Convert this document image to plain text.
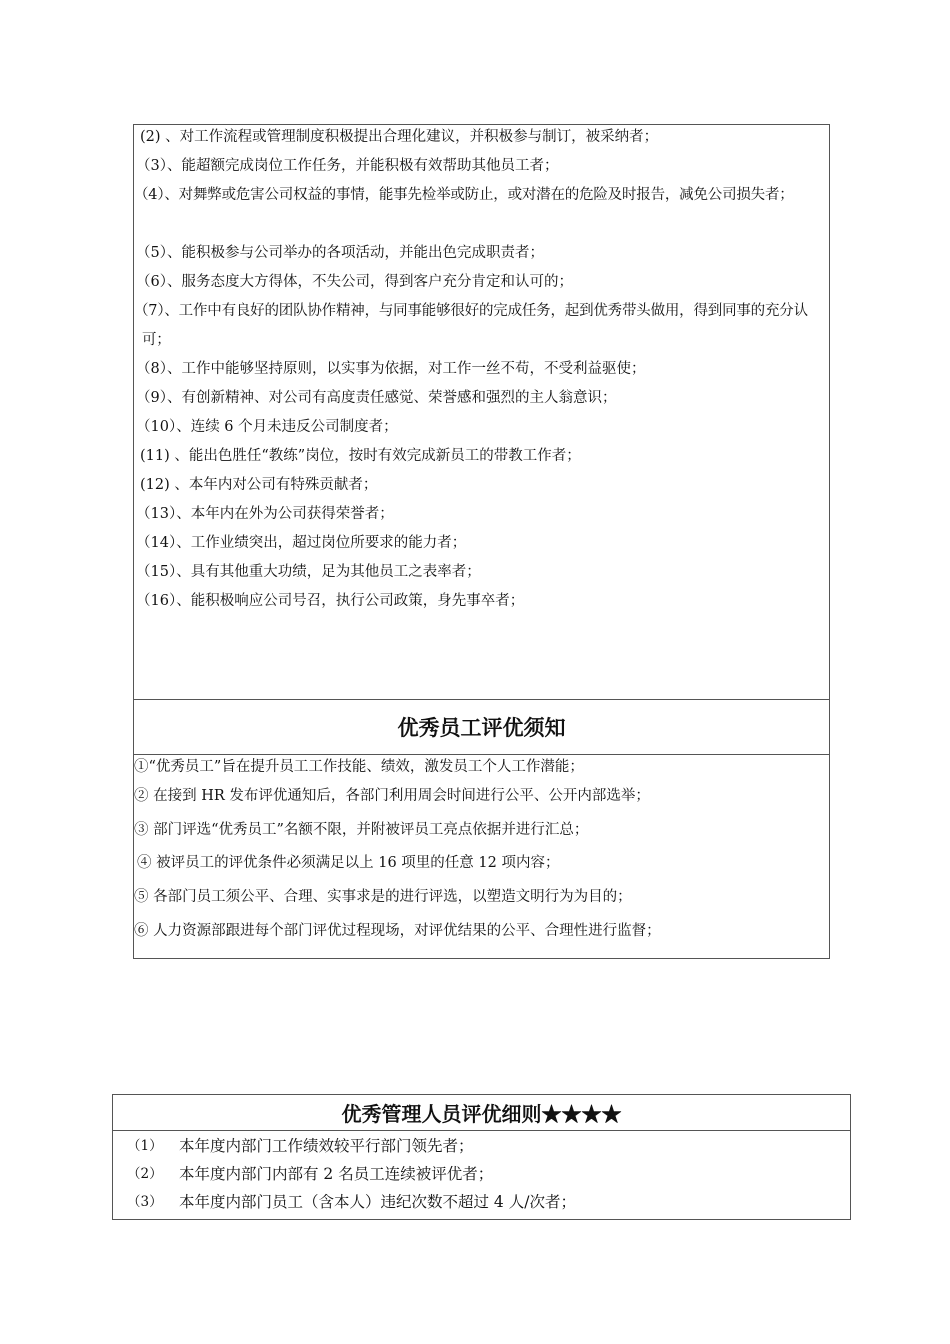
(2) 、对工作流程或管理制度积极提出合理化建议，并积极参与制订，被采纳者；
（3）、能超额完成岗位工作任务，并能积极有效帮助其他员工者；
（4）、对舞弊或危害公司权益的事情，能事先检举或防止，或对潜在的危险及时报告，减免公司损失者；
（5）、能积极参与公司举办的各项活动，并能出色完成职责者；
（6）、服务态度大方得体，不失公司，得到客户充分肯定和认可的；
（7）、工作中有良好的团队协作精神，与同事能够很好的完成任务，起到优秀带头做用，得到同事的充分认可；
（8）、工作中能够坚持原则，以实事为依据，对工作一丝不苟，不受利益驱使；
（9）、有创新精神、对公司有高度责任感觉、荣誉感和强烈的主人翁意识；
（10）、连续 6 个月未违反公司制度者；
(11) 、能出色胜任“教练”岗位，按时有效完成新员工的带教工作者；
(12) 、本年内对公司有特殊贡献者；
（13）、本年内在外为公司获得荣誉者；
（14）、工作业绩突出，超过岗位所要求的能力者；
（15）、具有其他重大功绩，足为其他员工之表率者；
（16）、能积极响应公司号召，执行公司政策，身先事卒者；
优秀员工评优须知
①“优秀员工”旨在提升员工工作技能、绩效，激发员工个人工作潜能；
② 在接到 HR 发布评优通知后，各部门利用周会时间进行公平、公开内部选举；
③ 部门评选“优秀员工”名额不限，并附被评员工亮点依据并进行汇总；
④ 被评员工的评优条件必须满足以上 16 项里的任意 12 项内容；
⑤ 各部门员工须公平、合理、实事求是的进行评选，以塑造文明行为为目的；
⑥ 人力资源部跟进每个部门评优过程现场，对评优结果的公平、合理性进行监督；
优秀管理人员评优细则★★★★
（1） 本年度内部门工作绩效较平行部门领先者；
（2） 本年度内部门内部有 2 名员工连续被评优者；
（3） 本年度内部门员工（含本人）违纪次数不超过 4 人/次者；
